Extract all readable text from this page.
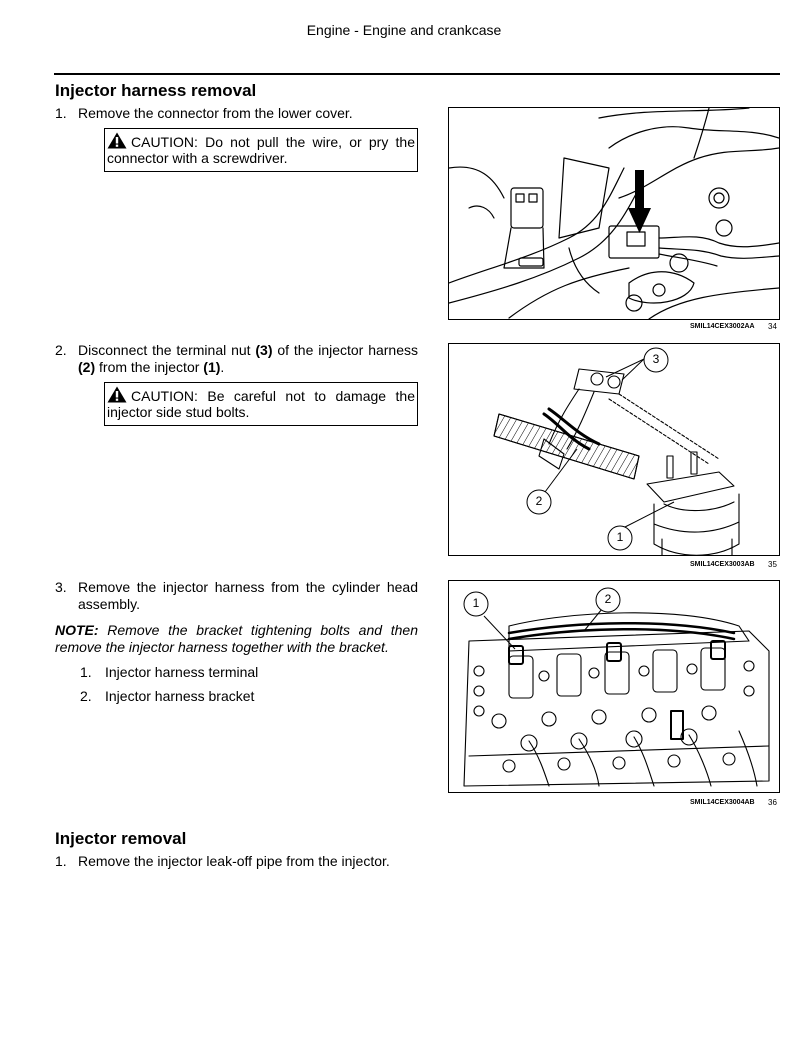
Engine - Engine and crankcase
Injector harness removal
1. Remove the connector from the lower cover.
CAUTION: Do not pull the wire, or pry the connector with a screwdriver.
SMIL14CEX3002AA 34
2. Disconnect the terminal nut (3) of the injector harness (2) from the injector (1).
CAUTION: Be careful not to damage the injector side stud bolts.
3
2
1
SMIL14CEX3003AB 35
3. Remove the injector harness from the cylinder head assembly.
NOTE: Remove the bracket tightening bolts and then remove the injector harness together with the bracket.
1. Injector harness terminal
2. Injector harness bracket
1	2
SMIL14CEX3004AB 36
Injector removal
1. Remove the injector leak-off pipe from the injector.
